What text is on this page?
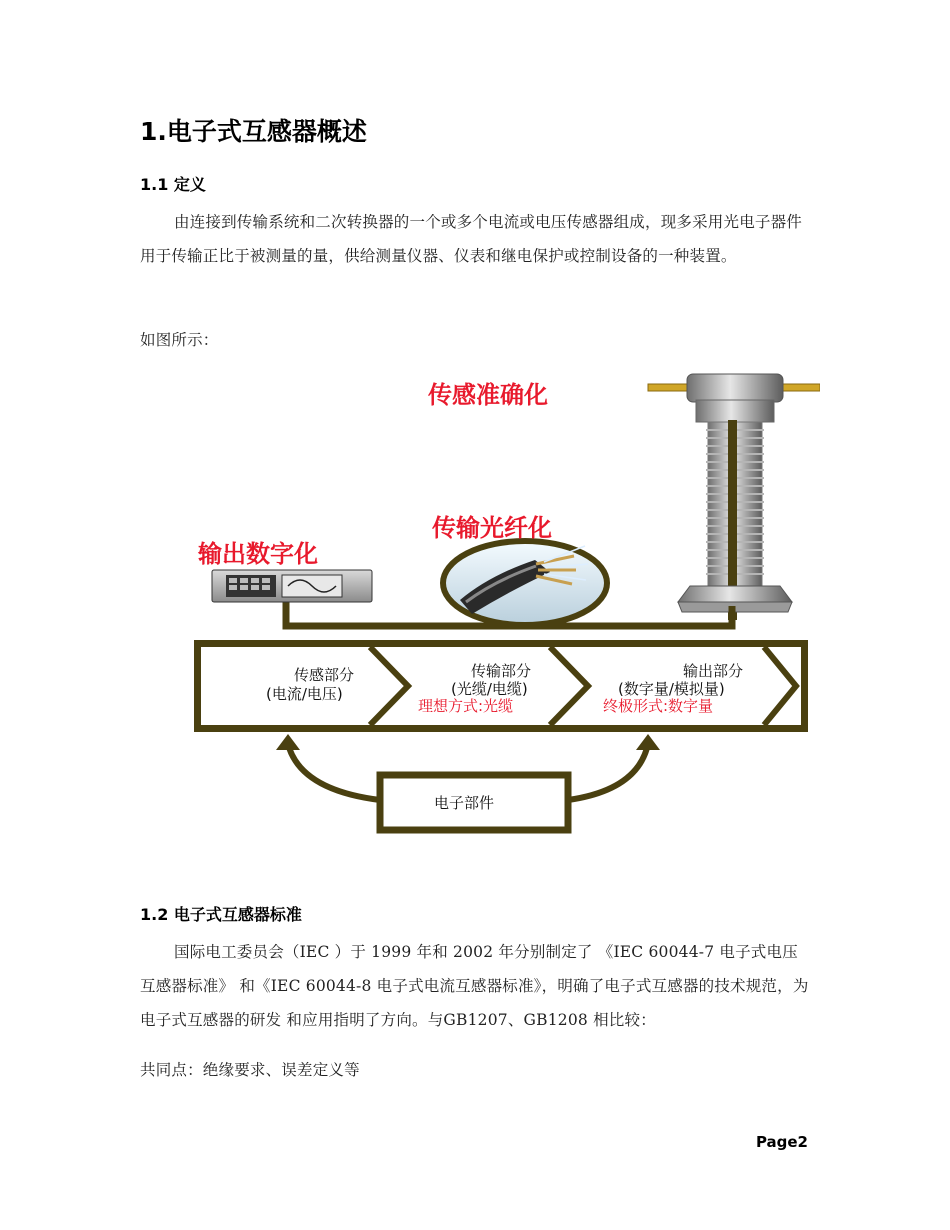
1.电子式互感器概述
1.1 定义
由连接到传输系统和二次转换器的一个或多个电流或电压传感器组成，现多采用光电子器件用于传输正比于被测量的量，供给测量仪器、仪表和继电保护或控制设备的一种装置。
如图所示：
传感准确化
传输光纤化
输出数字化
传感部分
(电流/电压)
传输部分
(光缆/电缆)
理想方式:光缆
输出部分
(数字量/模拟量)
终极形式:数字量
电子部件
1.2 电子式互感器标准
国际电工委员会（IEC ）于 1999 年和 2002 年分别制定了 《IEC 60044-7 电子式电压互感器标准》 和《IEC 60044-8 电子式电流互感器标准》，明确了电子式互感器的技术规范，为电子式互感器的研发 和应用指明了方向。与GB1207、GB1208 相比较：
共同点：绝缘要求、误差定义等
Page2
